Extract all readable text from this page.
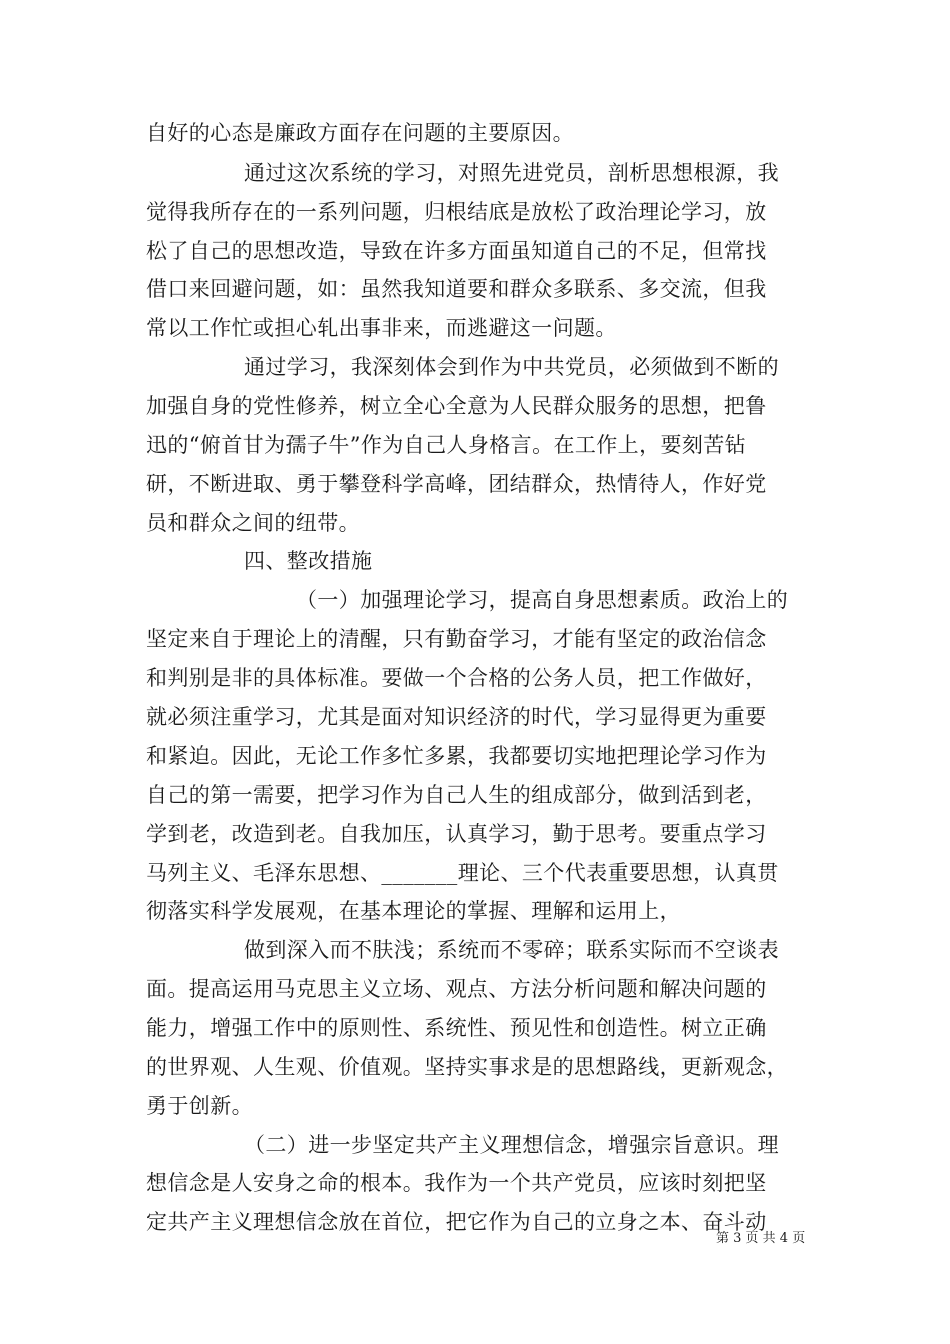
自好的心态是廉政方面存在问题的主要原因。
通过这次系统的学习，对照先进党员，剖析思想根源，我
觉得我所存在的一系列问题，归根结底是放松了政治理论学习，放
松了自己的思想改造，导致在许多方面虽知道自己的不足，但常找
借口来回避问题，如：虽然我知道要和群众多联系、多交流，但我
常以工作忙或担心轧出事非来，而逃避这一问题。
通过学习，我深刻体会到作为中共党员，必须做到不断的
加强自身的党性修养，树立全心全意为人民群众服务的思想，把鲁
迅的“俯首甘为孺子牛”作为自己人身格言。在工作上，要刻苦钻
研，不断进取、勇于攀登科学高峰，团结群众，热情待人，作好党
员和群众之间的纽带。
四、整改措施
（一）加强理论学习，提高自身思想素质。政治上的
坚定来自于理论上的清醒，只有勤奋学习，才能有坚定的政治信念
和判别是非的具体标准。要做一个合格的公务人员，把工作做好，
就必须注重学习，尤其是面对知识经济的时代，学习显得更为重要
和紧迫。因此，无论工作多忙多累，我都要切实地把理论学习作为
自己的第一需要，把学习作为自己人生的组成部分，做到活到老，
学到老，改造到老。自我加压，认真学习，勤于思考。要重点学习
马列主义、毛泽东思想、_______理论、三个代表重要思想，认真贯
彻落实科学发展观，在基本理论的掌握、理解和运用上，
做到深入而不肤浅；系统而不零碎；联系实际而不空谈表
面。提高运用马克思主义立场、观点、方法分析问题和解决问题的
能力，增强工作中的原则性、系统性、预见性和创造性。树立正确
的世界观、人生观、价值观。坚持实事求是的思想路线，更新观念，
勇于创新。
（二）进一步坚定共产主义理想信念，增强宗旨意识。理
想信念是人安身之命的根本。我作为一个共产党员，应该时刻把坚
定共产主义理想信念放在首位，把它作为自己的立身之本、奋斗动
第 3 页 共 4 页
